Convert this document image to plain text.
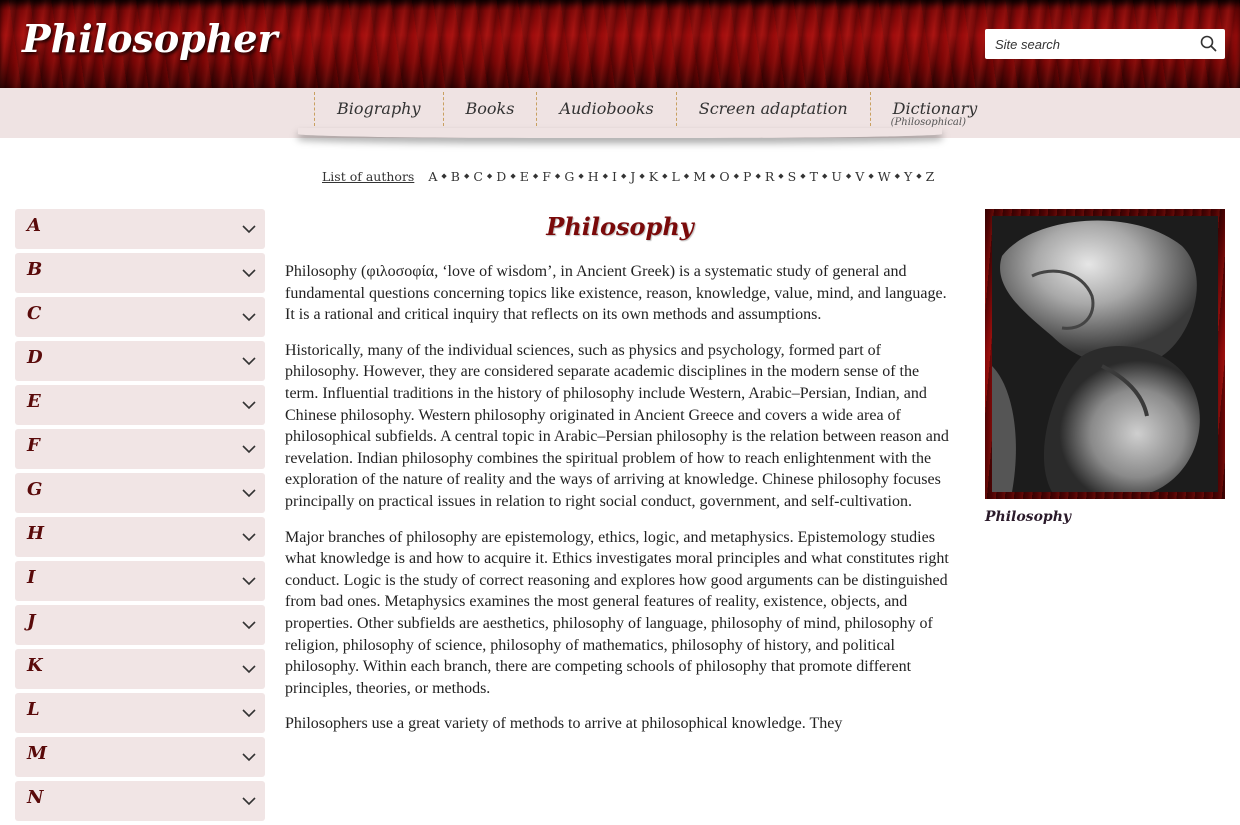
Philosopher
Site search
Biography	Books	Audiobooks	Screen adaptation	Dictionary
(Philosophical)
List of authors A ◆ B ◆ C ◆ D ◆ E ◆ F ◆ G ◆ H ◆ I ◆ J ◆ K ◆ L ◆ M ◆ O ◆ P ◆ R ◆ S ◆ T ◆ U ◆ V ◆ W ◆ Y ◆ Z
A
B
C
D
E
F
G
H
I
J
K
L
M
N
Philosophy

Philosophy (φιλοσοφία, ‘love of wisdom’, in Ancient Greek) is a systematic study of general and fundamental questions concerning topics like existence, reason, knowledge, value, mind, and language. It is a rational and critical inquiry that reflects on its own methods and assumptions.

Historically, many of the individual sciences, such as physics and psychology, formed part of philosophy. However, they are considered separate academic disciplines in the modern sense of the term. Influential traditions in the history of philosophy include Western, Arabic–Persian, Indian, and Chinese philosophy. Western philosophy originated in Ancient Greece and covers a wide area of philosophical subfields. A central topic in Arabic–Persian philosophy is the relation between reason and revelation. Indian philosophy combines the spiritual problem of how to reach enlightenment with the exploration of the nature of reality and the ways of arriving at knowledge. Chinese philosophy focuses principally on practical issues in relation to right social conduct, government, and self-cultivation.

Major branches of philosophy are epistemology, ethics, logic, and metaphysics. Epistemology studies what knowledge is and how to acquire it. Ethics investigates moral principles and what constitutes right conduct. Logic is the study of correct reasoning and explores how good arguments can be distinguished from bad ones. Metaphysics examines the most general features of reality, existence, objects, and properties. Other subfields are aesthetics, philosophy of language, philosophy of mind, philosophy of religion, philosophy of science, philosophy of mathematics, philosophy of history, and political philosophy. Within each branch, there are competing schools of philosophy that promote different principles, theories, or methods.

Philosophers use a great variety of methods to arrive at philosophical knowledge. They

Philosophy
